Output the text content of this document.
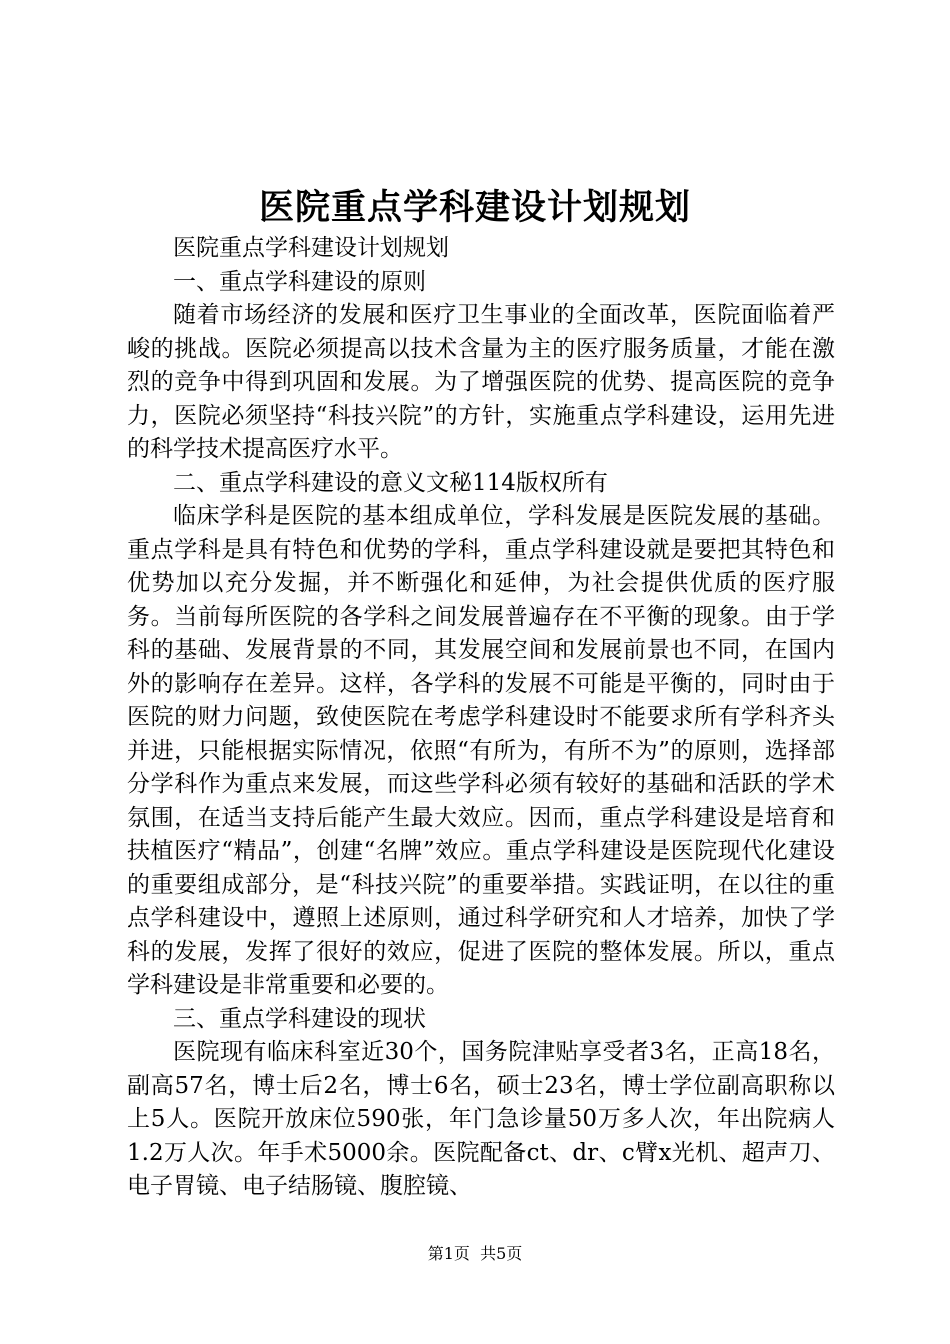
医院重点学科建设计划规划

医院重点学科建设计划规划

一、重点学科建设的原则

随着市场经济的发展和医疗卫生事业的全面改革，医院面临着严峻的挑战。医院必须提高以技术含量为主的医疗服务质量，才能在激烈的竞争中得到巩固和发展。为了增强医院的优势、提高医院的竞争力，医院必须坚持“科技兴院”的方针，实施重点学科建设，运用先进的科学技术提高医疗水平。

二、重点学科建设的意义文秘114版权所有

临床学科是医院的基本组成单位，学科发展是医院发展的基础。重点学科是具有特色和优势的学科，重点学科建设就是要把其特色和优势加以充分发掘，并不断强化和延伸，为社会提供优质的医疗服务。当前每所医院的各学科之间发展普遍存在不平衡的现象。由于学科的基础、发展背景的不同，其发展空间和发展前景也不同，在国内外的影响存在差异。这样，各学科的发展不可能是平衡的，同时由于医院的财力问题，致使医院在考虑学科建设时不能要求所有学科齐头并进，只能根据实际情况，依照“有所为，有所不为”的原则，选择部分学科作为重点来发展，而这些学科必须有较好的基础和活跃的学术氛围，在适当支持后能产生最大效应。因而，重点学科建设是培育和扶植医疗“精品”，创建“名牌”效应。重点学科建设是医院现代化建设的重要组成部分，是“科技兴院”的重要举措。实践证明，在以往的重点学科建设中，遵照上述原则，通过科学研究和人才培养，加快了学科的发展，发挥了很好的效应，促进了医院的整体发展。所以，重点学科建设是非常重要和必要的。

三、重点学科建设的现状

医院现有临床科室近30个，国务院津贴享受者3名，正高18名，副高57名，博士后2名，博士6名，硕士23名，博士学位副高职称以上5人。医院开放床位590张，年门急诊量50万多人次，年出院病人1.2万人次。年手术5000余。医院配备ct、dr、c臂x光机、超声刀、电子胃镜、电子结肠镜、腹腔镜、

第1页 共5页
